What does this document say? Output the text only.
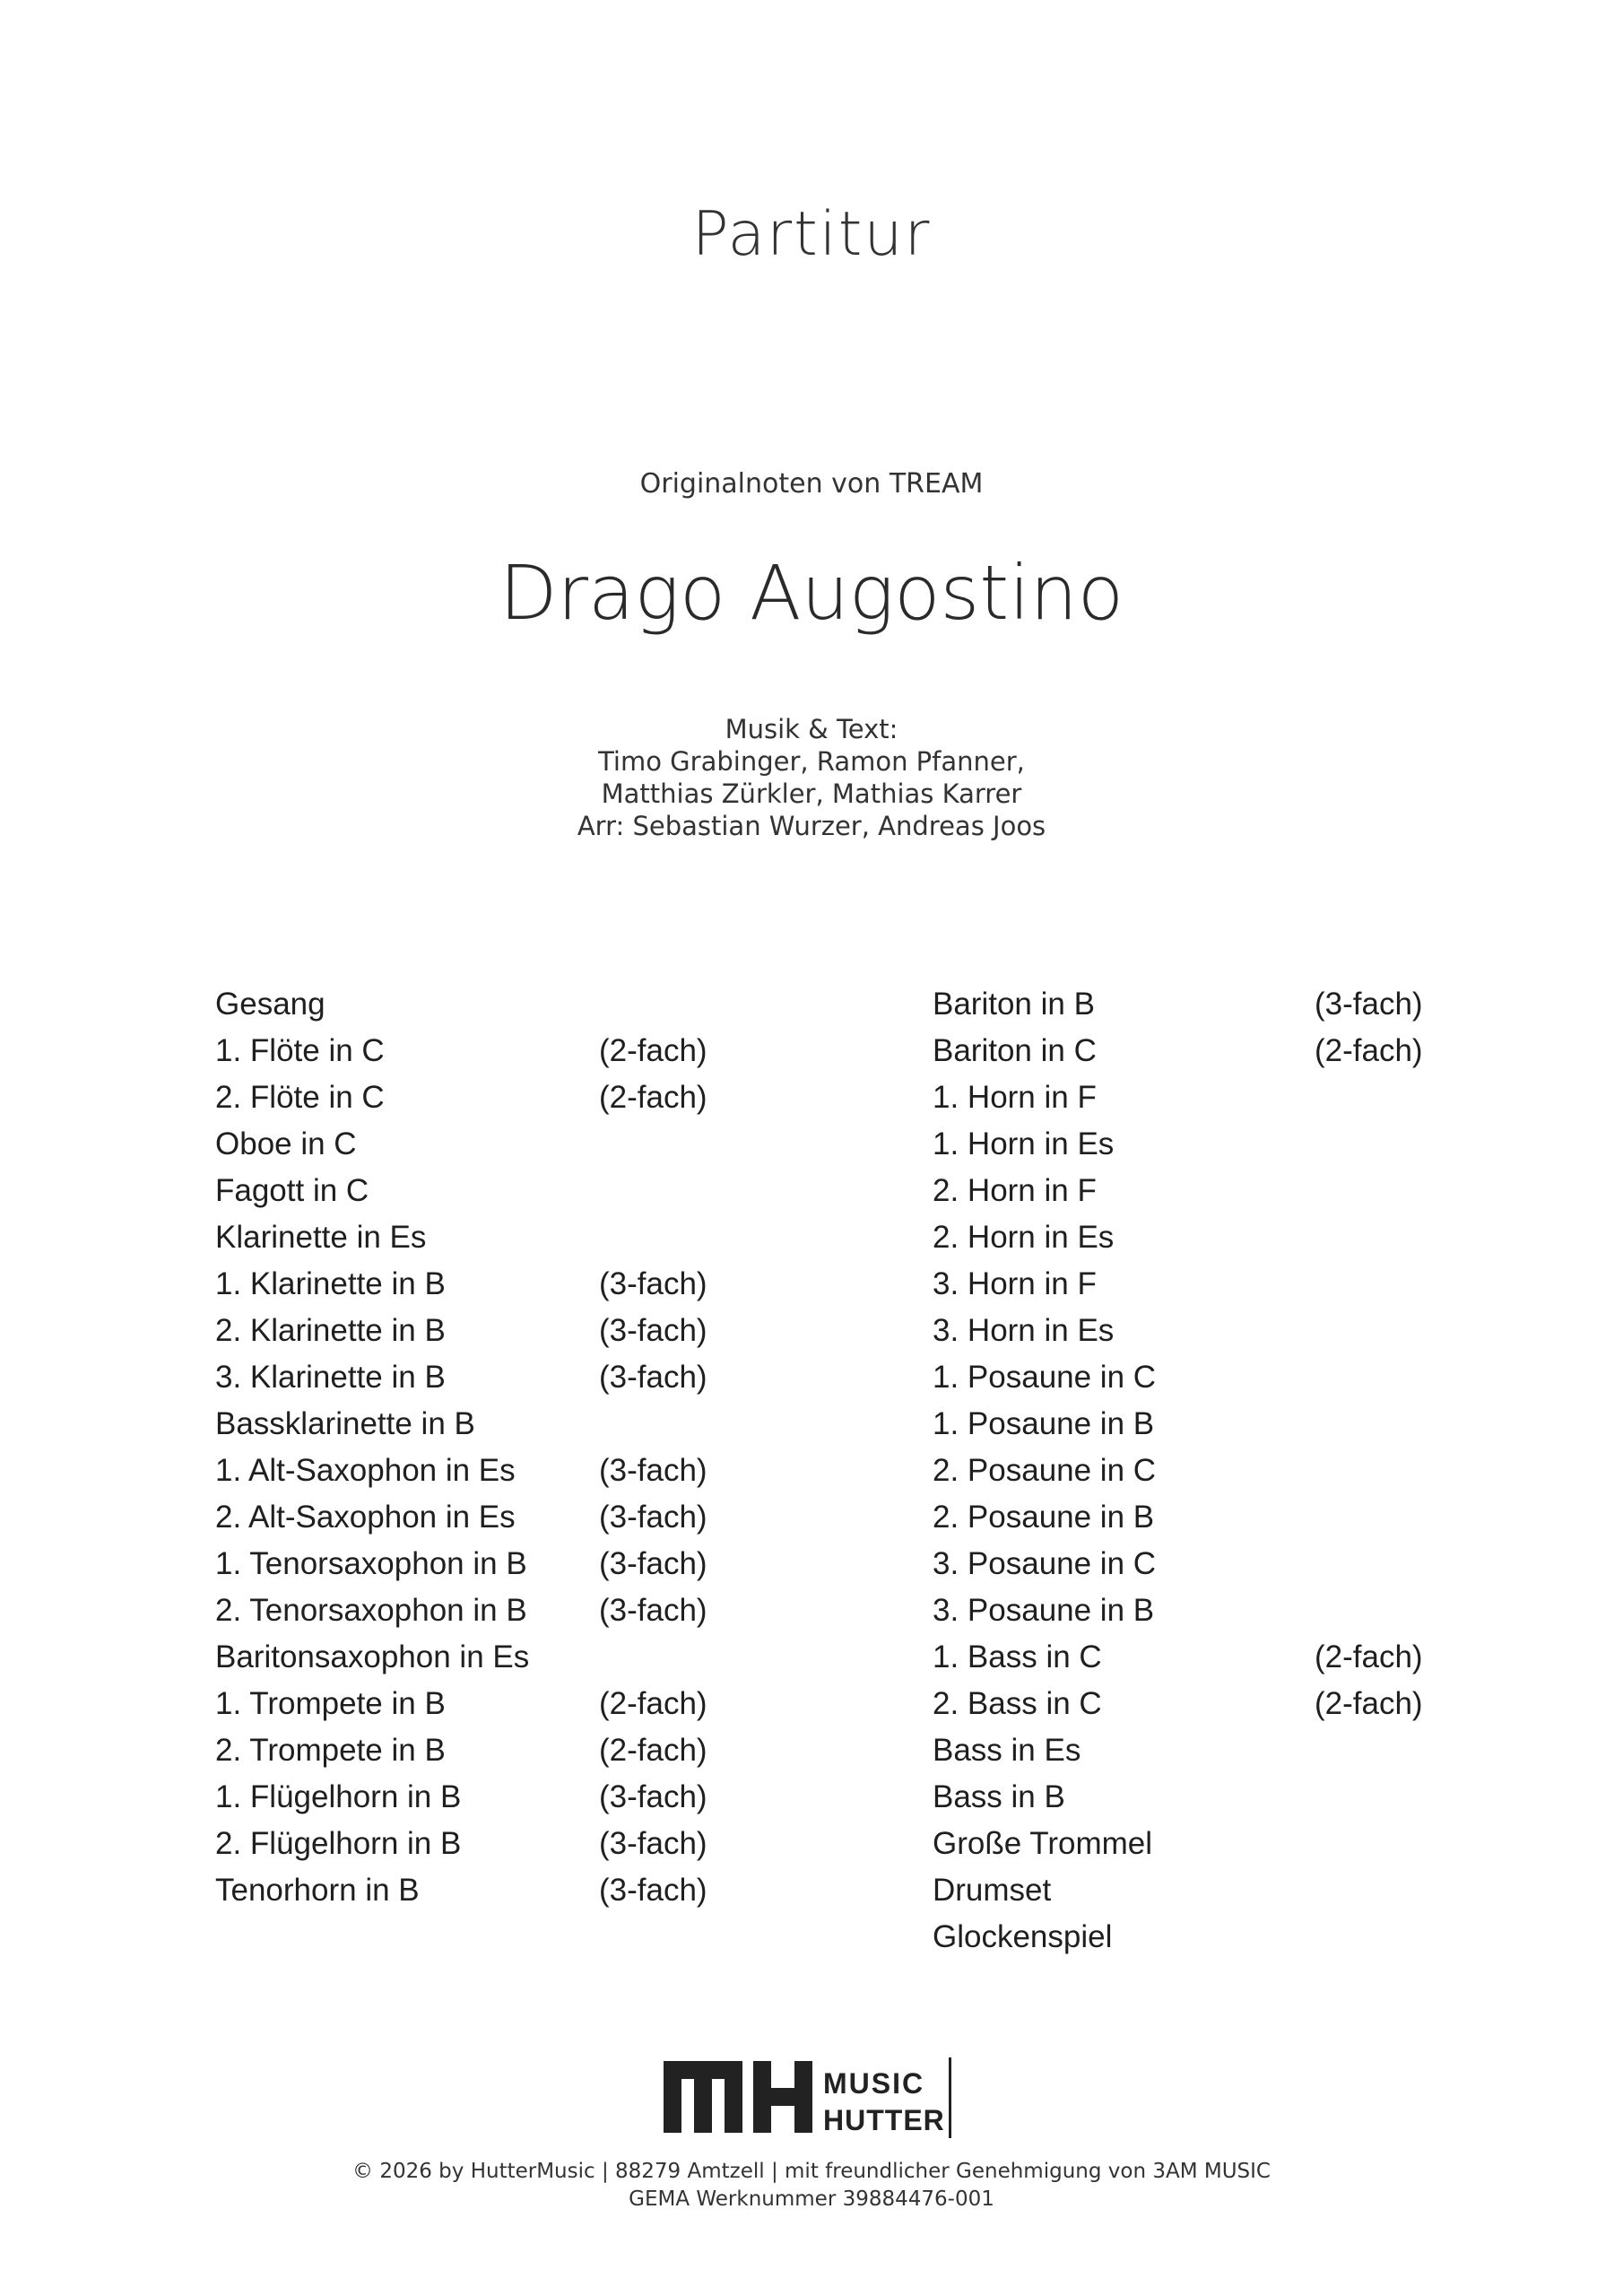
Partitur
Originalnoten von TREAM
Drago Augostino
Musik & Text:
Timo Grabinger, Ramon Pfanner,
Matthias Zürkler, Mathias Karrer
Arr: Sebastian Wurzer, Andreas Joos
Gesang
1. Flöte in C	(2-fach)
2. Flöte in C	(2-fach)
Oboe in C
Fagott in C
Klarinette in Es
1. Klarinette in B	(3-fach)
2. Klarinette in B	(3-fach)
3. Klarinette in B	(3-fach)
Bassklarinette in B
1. Alt-Saxophon in Es	(3-fach)
2. Alt-Saxophon in Es	(3-fach)
1. Tenorsaxophon in B (3-fach)
2. Tenorsaxophon in B (3-fach)
Baritonsaxophon in Es
1. Trompete in B	(2-fach)
2. Trompete in B	(2-fach)
1. Flügelhorn in B	(3-fach)
2. Flügelhorn in B	(3-fach)
Tenorhorn in B	(3-fach)
Bariton in B	(3-fach)
Bariton in C	(2-fach)
1. Horn in F
1. Horn in Es
2. Horn in F
2. Horn in Es
3. Horn in F
3. Horn in Es
1. Posaune in C
1. Posaune in B
2. Posaune in C
2. Posaune in B
3. Posaune in C
3. Posaune in B
1. Bass in C	(2-fach)
2. Bass in C	(2-fach)
Bass in Es
Bass in B
Große Trommel
Drumset
Glockenspiel
MUSIC
HUTTER
© 2026 by HutterMusic | 88279 Amtzell | mit freundlicher Genehmigung von 3AM MUSIC
GEMA Werknummer 39884476-001
